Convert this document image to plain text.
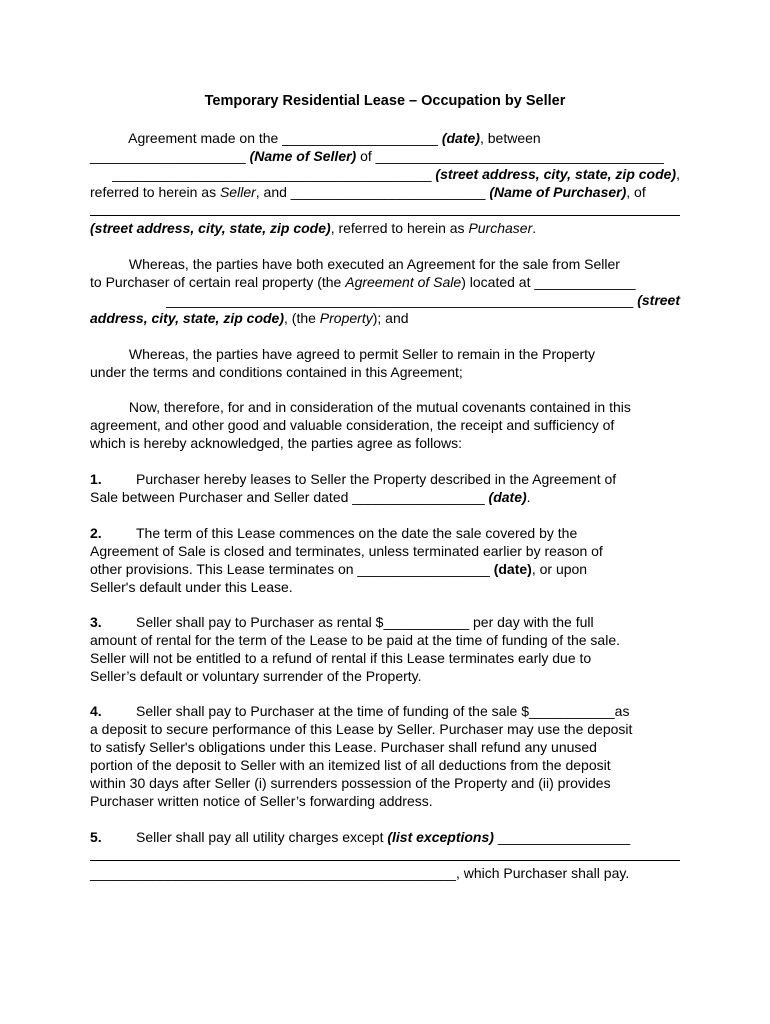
Temporary Residential Lease – Occupation by Seller
Agreement made on the ____________________ (date), between
____________________ (Name of Seller) of _____________________________________
_________________________________________ (street address, city, state, zip code),
referred to herein as Seller, and _________________________ (Name of Purchaser), of
(street address, city, state, zip code), referred to herein as Purchaser.
Whereas, the parties have both executed an Agreement for the sale from Seller
to Purchaser of certain real property (the Agreement of Sale) located at _____________
____________________________________________________________ (street
address, city, state, zip code), (the Property); and
Whereas, the parties have agreed to permit Seller to remain in the Property
under the terms and conditions contained in this Agreement;
Now, therefore, for and in consideration of the mutual covenants contained in this
agreement, and other good and valuable consideration, the receipt and sufficiency of
which is hereby acknowledged, the parties agree as follows:
1. Purchaser hereby leases to Seller the Property described in the Agreement of
Sale between Purchaser and Seller dated _________________ (date).
2. The term of this Lease commences on the date the sale covered by the
Agreement of Sale is closed and terminates, unless terminated earlier by reason of
other provisions. This Lease terminates on _________________ (date), or upon
Seller's default under this Lease.
3. Seller shall pay to Purchaser as rental $___________ per day with the full
amount of rental for the term of the Lease to be paid at the time of funding of the sale.
Seller will not be entitled to a refund of rental if this Lease terminates early due to
Seller’s default or voluntary surrender of the Property.
4. Seller shall pay to Purchaser at the time of funding of the sale $___________as
a deposit to secure performance of this Lease by Seller. Purchaser may use the deposit
to satisfy Seller's obligations under this Lease. Purchaser shall refund any unused
portion of the deposit to Seller with an itemized list of all deductions from the deposit
within 30 days after Seller (i) surrenders possession of the Property and (ii) provides
Purchaser written notice of Seller’s forwarding address.
5. Seller shall pay all utility charges except (list exceptions) _________________
_______________________________________________, which Purchaser shall pay.
